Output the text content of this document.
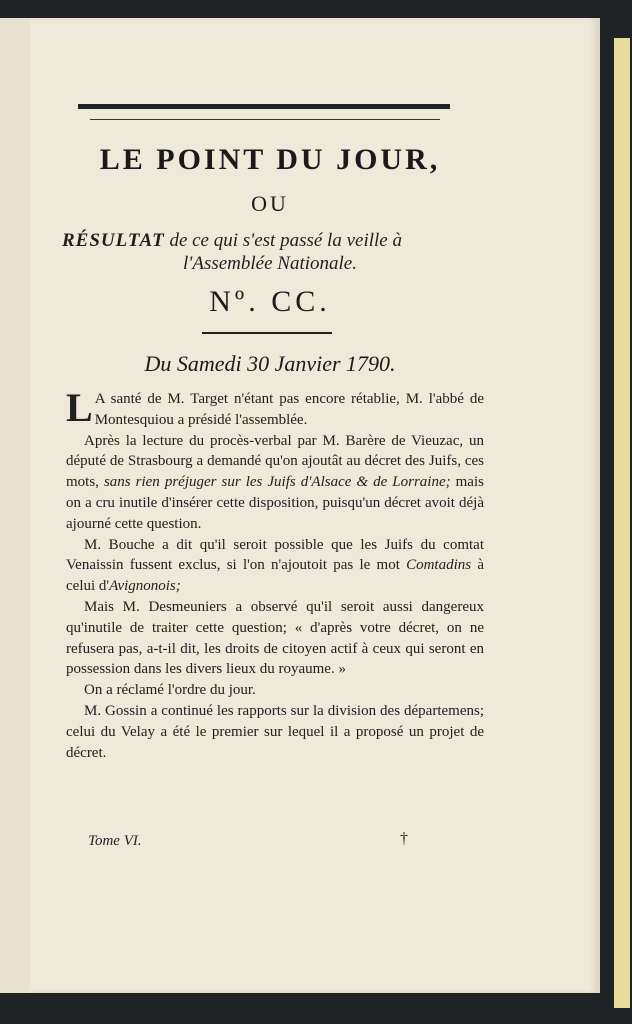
LE POINT DU JOUR,
OU
RÉSULTAT de ce qui s'est passé la veille à
l'Assemblée Nationale.
Nº. CC.
Du Samedi 30 Janvier 1790.

L A santé de M. Target n'étant pas encore rétablie, M. l'abbé de Montesquiou a présidé l'assemblée.

Après la lecture du procès-verbal par M. Barère de Vieuzac, un député de Strasbourg a demandé qu'on ajoutât au décret des Juifs, ces mots, sans rien préjuger sur les Juifs d'Alsace & de Lorraine; mais on a cru inutile d'insérer cette disposition, puisqu'un décret avoit déjà ajourné cette question.

M. Bouche a dit qu'il seroit possible que les Juifs du comtat Venaissin fussent exclus, si l'on n'ajoutoit pas le mot Comtadins à celui d'Avignonois;

Mais M. Desmeuniers a observé qu'il seroit aussi dangereux qu'inutile de traiter cette question; « d'après votre décret, on ne refusera pas, a-t-il dit, les droits de citoyen actif à ceux qui seront en possession dans les divers lieux du royaume. »

On a réclamé l'ordre du jour.

M. Gossin a continué les rapports sur la division des départemens; celui du Velay a été le premier sur lequel il a proposé un projet de décret.

Tome VI.	†
